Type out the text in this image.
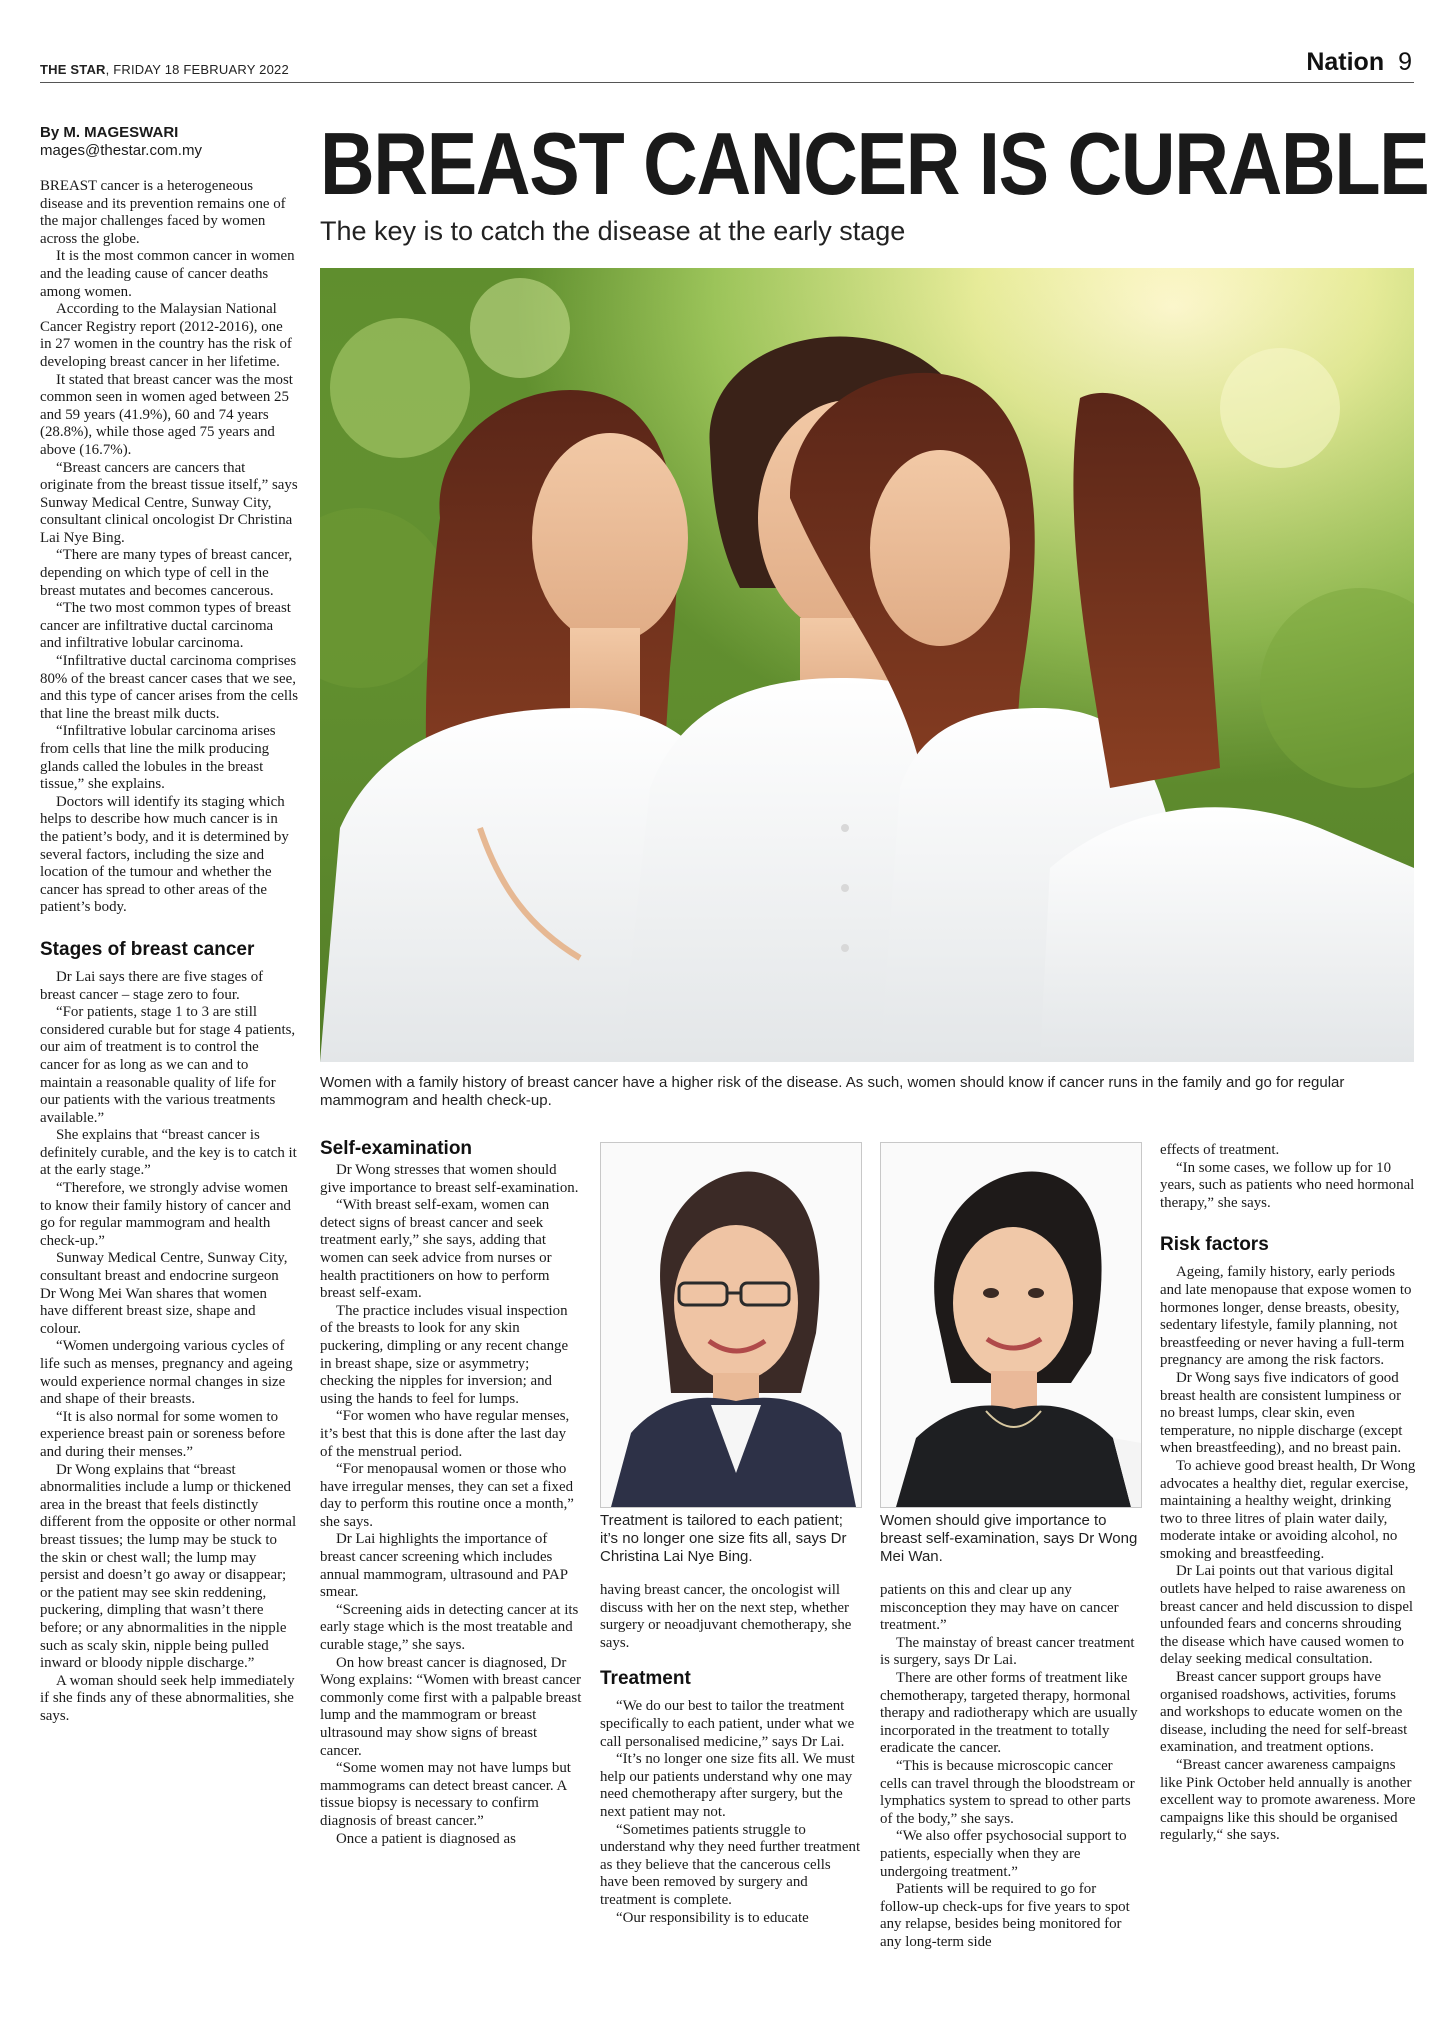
THE STAR, FRIDAY 18 FEBRUARY 2022	Nation 9
By M. MAGESWARI
mages@thestar.com.my

BREAST cancer is a heterogeneous disease and its prevention remains one of the major challenges faced by women across the globe.

It is the most common cancer in women and the leading cause of cancer deaths among women.

According to the Malaysian National Cancer Registry report (2012-2016), one in 27 women in the country has the risk of developing breast cancer in her lifetime.

It stated that breast cancer was the most common seen in women aged between 25 and 59 years (41.9%), 60 and 74 years (28.8%), while those aged 75 years and above (16.7%).

“Breast cancers are cancers that originate from the breast tissue itself,” says Sunway Medical Centre, Sunway City, consultant clinical oncologist Dr Christina Lai Nye Bing.

“There are many types of breast cancer, depending on which type of cell in the breast mutates and becomes cancerous.

“The two most common types of breast cancer are infiltrative ductal carcinoma and infiltrative lobular carcinoma.

“Infiltrative ductal carcinoma comprises 80% of the breast cancer cases that we see, and this type of cancer arises from the cells that line the breast milk ducts.

“Infiltrative lobular carcinoma arises from cells that line the milk producing glands called the lobules in the breast tissue,” she explains.

Doctors will identify its staging which helps to describe how much cancer is in the patient’s body, and it is determined by several factors, including the size and location of the tumour and whether the cancer has spread to other areas of the patient’s body.

Stages of breast cancer

Dr Lai says there are five stages of breast cancer – stage zero to four.

“For patients, stage 1 to 3 are still considered curable but for stage 4 patients, our aim of treatment is to control the cancer for as long as we can and to maintain a reasonable quality of life for our patients with the various treatments available.”

She explains that “breast cancer is definitely curable, and the key is to catch it at the early stage.”

“Therefore, we strongly advise women to know their family history of cancer and go for regular mammogram and health check-up.”

Sunway Medical Centre, Sunway City, consultant breast and endocrine surgeon Dr Wong Mei Wan shares that women have different breast size, shape and colour.

“Women undergoing various cycles of life such as menses, pregnancy and ageing would experience normal changes in size and shape of their breasts.

“It is also normal for some women to experience breast pain or soreness before and during their menses.”

Dr Wong explains that “breast abnormalities include a lump or thickened area in the breast that feels distinctly different from the opposite or other normal breast tissues; the lump may be stuck to the skin or chest wall; the lump may persist and doesn’t go away or disappear; or the patient may see skin reddening, puckering, dimpling that wasn’t there before; or any abnormalities in the nipple such as scaly skin, nipple being pulled inward or bloody nipple discharge.”

A woman should seek help immediately if she finds any of these abnormalities, she says.

BREAST CANCER IS CURABLE
The key is to catch the disease at the early stage
Women with a family history of breast cancer have a higher risk of the disease. As such, women should know if cancer runs in the family and go for regular mammogram and health check-up.
Self-examination

Dr Wong stresses that women should give importance to breast self-examination.

“With breast self-exam, women can detect signs of breast cancer and seek treatment early,” she says, adding that women can seek advice from nurses or health practitioners on how to perform breast self-exam.

The practice includes visual inspection of the breasts to look for any skin puckering, dimpling or any recent change in breast shape, size or asymmetry; checking the nipples for inversion; and using the hands to feel for lumps.

“For women who have regular menses, it’s best that this is done after the last day of the menstrual period.

“For menopausal women or those who have irregular menses, they can set a fixed day to perform this routine once a month,” she says.

Dr Lai highlights the importance of breast cancer screening which includes annual mammogram, ultrasound and PAP smear.

“Screening aids in detecting cancer at its early stage which is the most treatable and curable stage,” she says.

On how breast cancer is diagnosed, Dr Wong explains: “Women with breast cancer commonly come first with a palpable breast lump and the mammogram or breast ultrasound may show signs of breast cancer.

“Some women may not have lumps but mammograms can detect breast cancer. A tissue biopsy is necessary to confirm diagnosis of breast cancer.”

Once a patient is diagnosed as

Treatment is tailored to each patient; it’s no longer one size fits all, says Dr Christina Lai Nye Bing.
Women should give importance to breast self-examination, says Dr Wong Mei Wan.

having breast cancer, the oncologist will discuss with her on the next step, whether surgery or neoadjuvant chemotherapy, she says.

Treatment

“We do our best to tailor the treatment specifically to each patient, under what we call personalised medicine,” says Dr Lai.

“It’s no longer one size fits all. We must help our patients understand why one may need chemotherapy after surgery, but the next patient may not.

“Sometimes patients struggle to understand why they need further treatment as they believe that the cancerous cells have been removed by surgery and treatment is complete.

“Our responsibility is to educate

patients on this and clear up any misconception they may have on cancer treatment.”

The mainstay of breast cancer treatment is surgery, says Dr Lai.

There are other forms of treatment like chemotherapy, targeted therapy, hormonal therapy and radiotherapy which are usually incorporated in the treatment to totally eradicate the cancer.

“This is because microscopic cancer cells can travel through the bloodstream or lymphatics system to spread to other parts of the body,” she says.

“We also offer psychosocial support to patients, especially when they are undergoing treatment.”

Patients will be required to go for follow-up check-ups for five years to spot any relapse, besides being monitored for any long-term side

effects of treatment.

“In some cases, we follow up for 10 years, such as patients who need hormonal therapy,” she says.

Risk factors

Ageing, family history, early periods and late menopause that expose women to hormones longer, dense breasts, obesity, sedentary lifestyle, family planning, not breastfeeding or never having a full-term pregnancy are among the risk factors.

Dr Wong says five indicators of good breast health are consistent lumpiness or no breast lumps, clear skin, even temperature, no nipple discharge (except when breastfeeding), and no breast pain.

To achieve good breast health, Dr Wong advocates a healthy diet, regular exercise, maintaining a healthy weight, drinking two to three litres of plain water daily, moderate intake or avoiding alcohol, no smoking and breastfeeding.

Dr Lai points out that various digital outlets have helped to raise awareness on breast cancer and held discussion to dispel unfounded fears and concerns shrouding the disease which have caused women to delay seeking medical consultation.

Breast cancer support groups have organised roadshows, activities, forums and workshops to educate women on the disease, including the need for self-breast examination, and treatment options.

“Breast cancer awareness campaigns like Pink October held annually is another excellent way to promote awareness. More campaigns like this should be organised regularly,“ she says.
